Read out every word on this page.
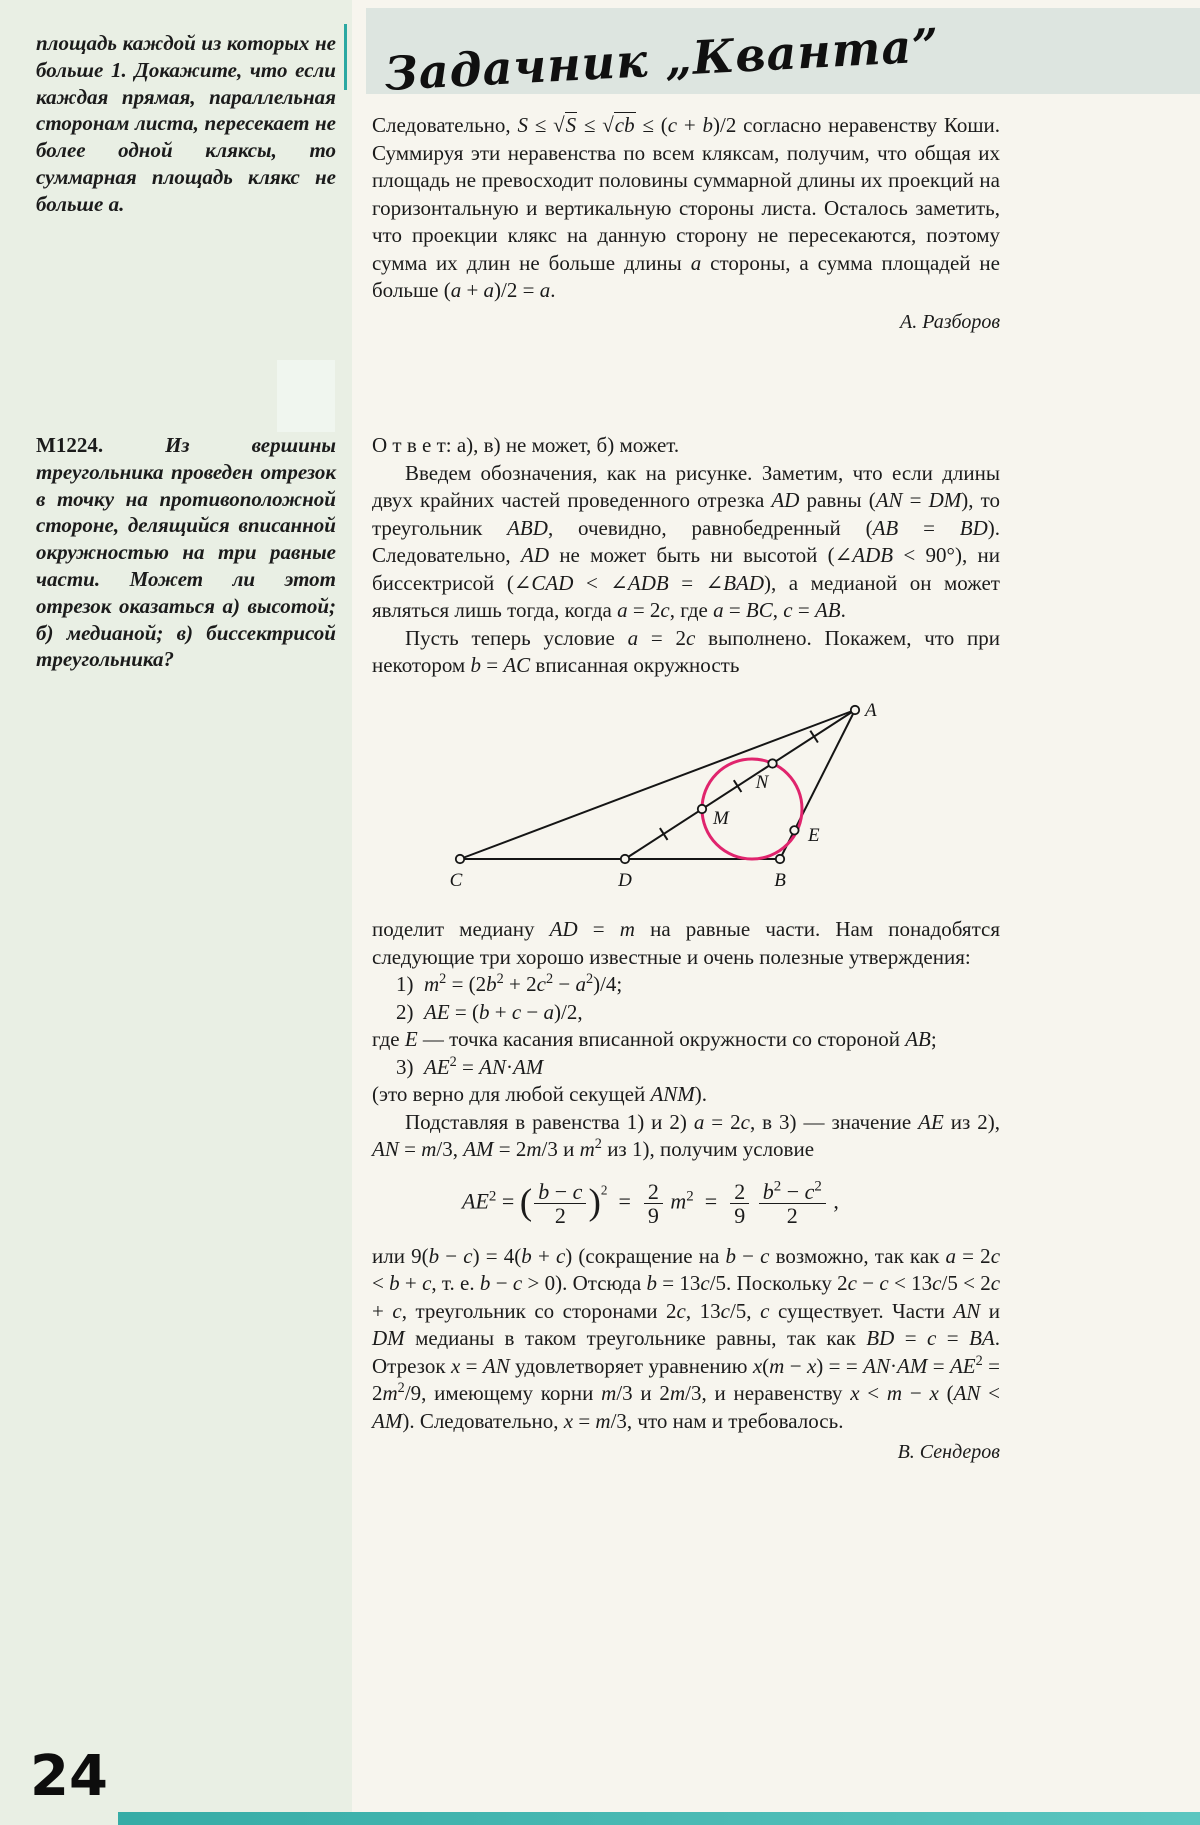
Задачник „Кванта”
площадь каждой из которых не больше 1. Докажите, что если каждая прямая, параллельная сторонам листа, пересекает не более одной кляксы, то суммарная площадь клякс не больше a.
М1224. Из вершины треугольника проведен отрезок в точку на противоположной стороне, делящийся вписанной окружностью на три равные части. Может ли этот отрезок оказаться а) высотой; б) медианой; в) биссектрисой треугольника?

Следовательно, S ≤ √S ≤ √cb ≤ (c + b)/2 согласно неравенству Коши. Суммируя эти неравенства по всем кляксам, получим, что общая их площадь не превосходит половины суммарной длины их проекций на горизонтальную и вертикальную стороны листа. Осталось заметить, что проекции клякс на данную сторону не пересекаются, поэтому сумма их длин не больше длины a стороны, а сумма площадей не больше (a + a)/2 = a.

А. Разборов

О т в е т: а), в) не может, б) может.

Введем обозначения, как на рисунке. Заметим, что если длины двух крайних частей проведенного отрезка AD равны (AN = DM), то треугольник ABD, очевидно, равнобедренный (AB = BD). Следовательно, AD не может быть ни высотой (∠ADB < 90°), ни биссектрисой (∠CAD < ∠ADB = ∠BAD), а медианой он может являться лишь тогда, когда a = 2c, где a = BC, c = AB.

Пусть теперь условие a = 2c выполнено. Покажем, что при некотором b = AC вписанная окружность

A
C	D	B
N
M
E

поделит медиану AD = m на равные части. Нам понадобятся следующие три хорошо известные и очень полезные утверждения:

1)  $m^2 = (2b^2 + 2c^2 - a^2)/4$;

2)  AE = (b + c − a)/2,

где E — точка касания вписанной окружности со стороной AB;

3)  $AE^2 = AN\cdot AM$

(это верно для любой секущей ANM).

Подставляя в равенства 1) и 2) a = 2c, в 3) — значение AE из 2), AN = m/3, AM = 2m/3 и $m^2$ из 1), получим условие

$AE^2$ = ( $\frac{b - c}{2} )^2 = \frac{2}{9} m^2 = \frac{2}{9}$
$\frac{b^2 - c^2}{2}$ ,

или 9(b − c) = 4(b + c) (сокращение на b − c возможно, так как a = 2c < b + c, т. е. b − c > 0). Отсюда b = 13c/5. Поскольку 2c − c < 13c/5 < 2c + c, треугольник со сторонами 2c, 13c/5, c существует. Части AN и DM медианы в таком треугольнике равны, так как BD = c = BA. Отрезок x = AN удовлетворяет уравнению x(m − x) = = $AN\cdot AM = AE^2 = 2m^2/9$, имеющему корни m/3 и 2m/3, и неравенству x < m − x (AN < AM). Следовательно, x = m/3, что нам и требовалось.

В. Сендеров
24
